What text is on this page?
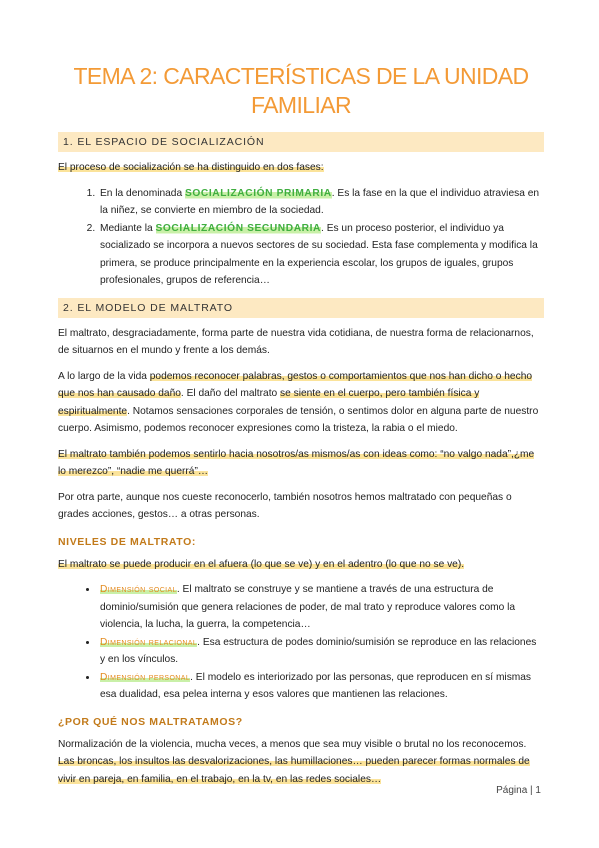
TEMA 2: CARACTERÍSTICAS DE LA UNIDAD FAMILIAR
1. EL ESPACIO DE SOCIALIZACIÓN

El proceso de socialización se ha distinguido en dos fases:

1. En la denominada SOCIALIZACIÓN PRIMARIA. Es la fase en la que el individuo atraviesa en la niñez, se convierte en miembro de la sociedad.
2. Mediante la SOCIALIZACIÓN SECUNDARIA. Es un proceso posterior, el individuo ya socializado se incorpora a nuevos sectores de su sociedad. Esta fase complementa y modifica la primera, se produce principalmente en la experiencia escolar, los grupos de iguales, grupos profesionales, grupos de referencia…
2. EL MODELO DE MALTRATO

El maltrato, desgraciadamente, forma parte de nuestra vida cotidiana, de nuestra forma de relacionarnos, de situarnos en el mundo y frente a los demás.

A lo largo de la vida podemos reconocer palabras, gestos o comportamientos que nos han dicho o hecho que nos han causado daño. El daño del maltrato se siente en el cuerpo, pero también física y espiritualmente. Notamos sensaciones corporales de tensión, o sentimos dolor en alguna parte de nuestro cuerpo. Asimismo, podemos reconocer expresiones como la tristeza, la rabia o el miedo.

El maltrato también podemos sentirlo hacia nosotros/as mismos/as con ideas como: “no valgo nada”,¿me lo merezco”, “nadie me querrá”…

Por otra parte, aunque nos cueste reconocerlo, también nosotros hemos maltratado con pequeñas o grades acciones, gestos… a otras personas.

NIVELES DE MALTRATO:

El maltrato se puede producir en el afuera (lo que se ve) y en el adentro (lo que no se ve).

• Dimensión social. El maltrato se construye y se mantiene a través de una estructura de dominio/sumisión que genera relaciones de poder, de mal trato y reproduce valores como la violencia, la lucha, la guerra, la competencia…
• Dimensión relacional. Esa estructura de podes dominio/sumisión se reproduce en las relaciones y en los vínculos.
• Dimensión personal. El modelo es interiorizado por las personas, que reproducen en sí mismas esa dualidad, esa pelea interna y esos valores que mantienen las relaciones.
¿POR QUÉ NOS MALTRATAMOS?

Normalización de la violencia, mucha veces, a menos que sea muy visible o brutal no los reconocemos. Las broncas, los insultos las desvalorizaciones, las humillaciones… pueden parecer formas normales de vivir en pareja, en familia, en el trabajo, en la tv, en las redes sociales…

Página | 1
